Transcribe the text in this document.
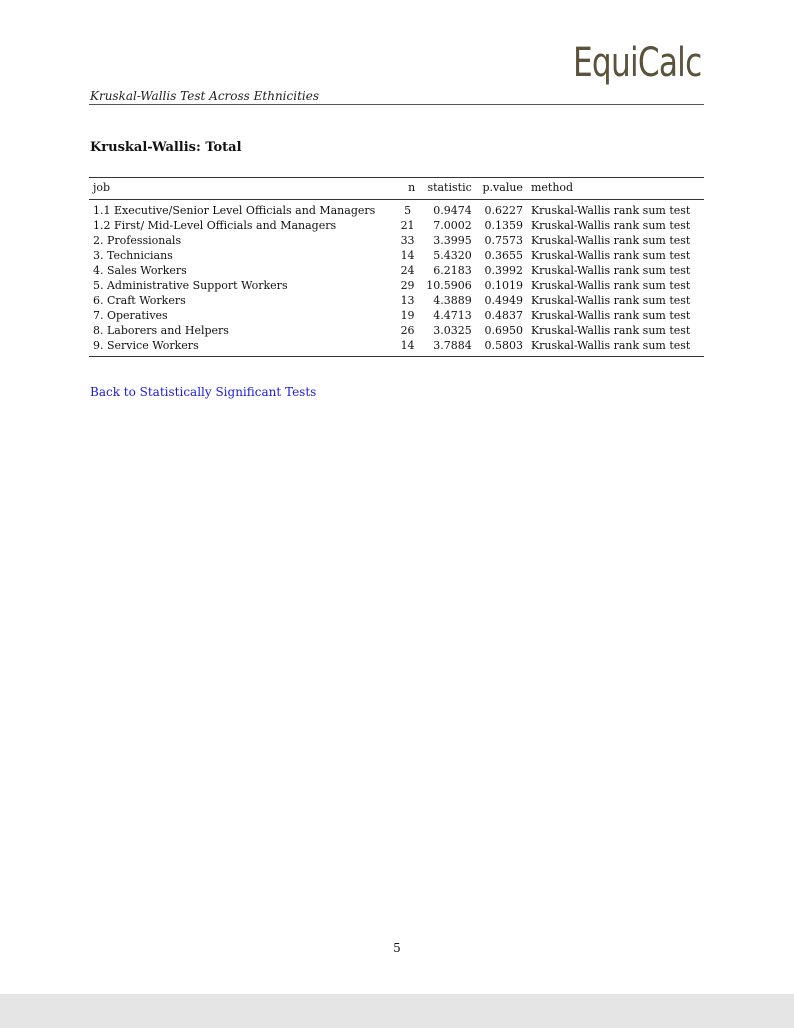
EquiCalc
Kruskal-Wallis Test Across Ethnicities
Kruskal-Wallis: Total
job	n	statistic	p.value	method
1.1 Executive/Senior Level Officials and Managers	5	0.9474	0.6227	Kruskal-Wallis rank sum test
1.2 First/ Mid-Level Officials and Managers	21	7.0002	0.1359	Kruskal-Wallis rank sum test
2. Professionals	33	3.3995	0.7573	Kruskal-Wallis rank sum test
3. Technicians	14	5.4320	0.3655	Kruskal-Wallis rank sum test
4. Sales Workers	24	6.2183	0.3992	Kruskal-Wallis rank sum test
5. Administrative Support Workers	29	10.5906	0.1019	Kruskal-Wallis rank sum test
6. Craft Workers	13	4.3889	0.4949	Kruskal-Wallis rank sum test
7. Operatives	19	4.4713	0.4837	Kruskal-Wallis rank sum test
8. Laborers and Helpers	26	3.0325	0.6950	Kruskal-Wallis rank sum test
9. Service Workers	14	3.7884	0.5803	Kruskal-Wallis rank sum test
Back to Statistically Significant Tests
5
